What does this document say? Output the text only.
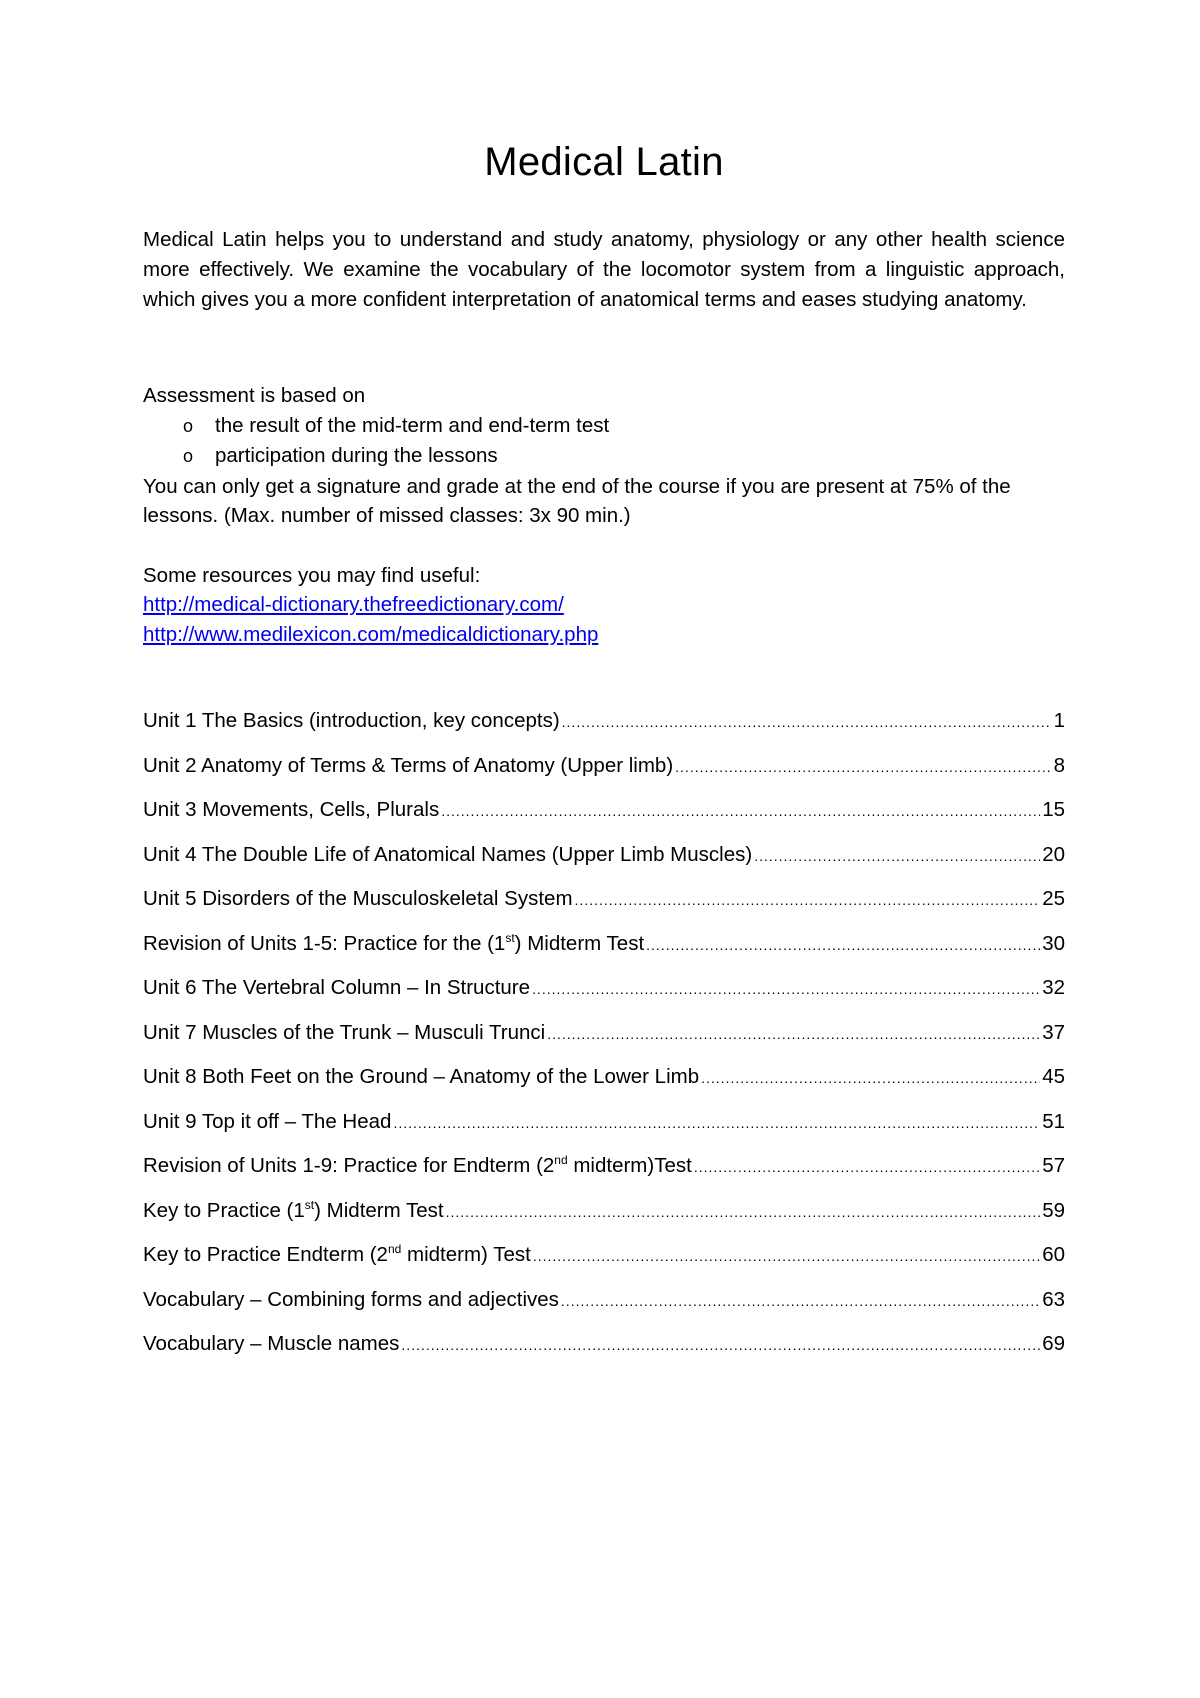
Medical Latin

Medical Latin helps you to understand and study anatomy, physiology or any other health science more effectively. We examine the vocabulary of the locomotor system from a linguistic approach, which gives you a more confident interpretation of anatomical terms and eases studying anatomy.

Assessment is based on
o	the result of the mid-term and end-term test
o	participation during the lessons
You can only get a signature and grade at the end of the course if you are present at 75% of the lessons. (Max. number of missed classes: 3x 90 min.)
Some resources you may find useful:
http://medical-dictionary.thefreedictionary.com/
http://www.medilexicon.com/medicaldictionary.php
Unit 1 The Basics (introduction, key concepts) .....	1
Unit 2 Anatomy of Terms & Terms of Anatomy (Upper limb) .....	8
Unit 3 Movements, Cells, Plurals .....	15
Unit 4 The Double Life of Anatomical Names (Upper Limb Muscles) .....	20
Unit 5 Disorders of the Musculoskeletal System .....	25
Revision of Units 1-5: Practice for the (1st) Midterm Test .....	30
Unit 6 The Vertebral Column – In Structure .....	32
Unit 7 Muscles of the Trunk – Musculi Trunci .....	37
Unit 8 Both Feet on the Ground – Anatomy of the Lower Limb .....	45
Unit 9 Top it off – The Head .....	51
Revision of Units 1-9: Practice for Endterm (2nd midterm)Test .....	57
Key to Practice (1st) Midterm Test .....	59
Key to Practice Endterm (2nd midterm) Test .....	60
Vocabulary – Combining forms and adjectives .....	63
Vocabulary – Muscle names .....	69
